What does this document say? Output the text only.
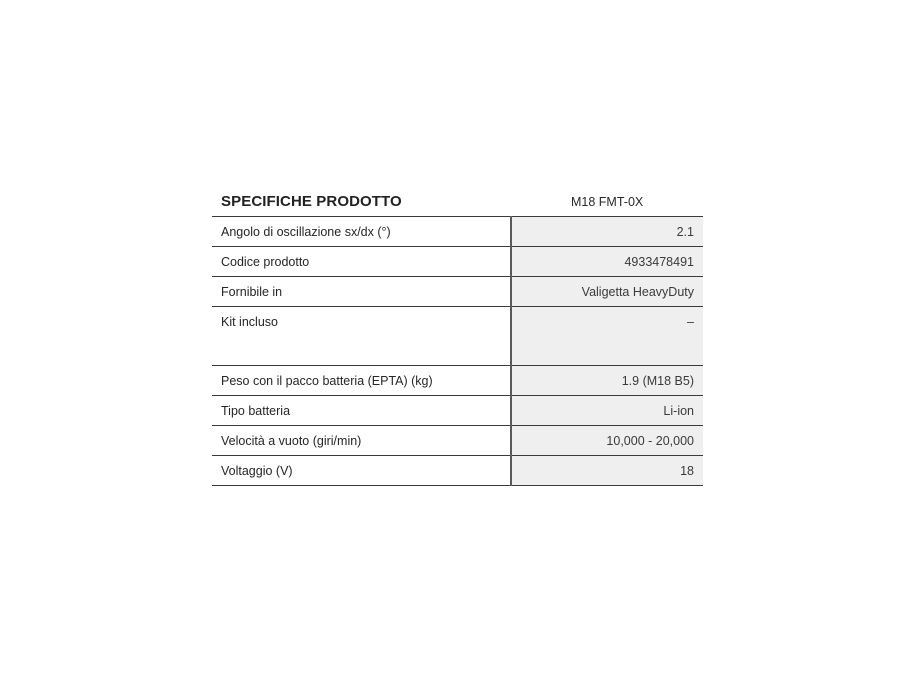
SPECIFICHE PRODOTTO	M18 FMT-0X
Angolo di oscillazione sx/dx (°)	2.1
Codice prodotto	4933478491
Fornibile in	Valigetta HeavyDuty
Kit incluso	–
Peso con il pacco batteria (EPTA) (kg)	1.9 (M18 B5)
Tipo batteria	Li-ion
Velocità a vuoto (giri/min)	10,000 - 20,000
Voltaggio (V)	18
